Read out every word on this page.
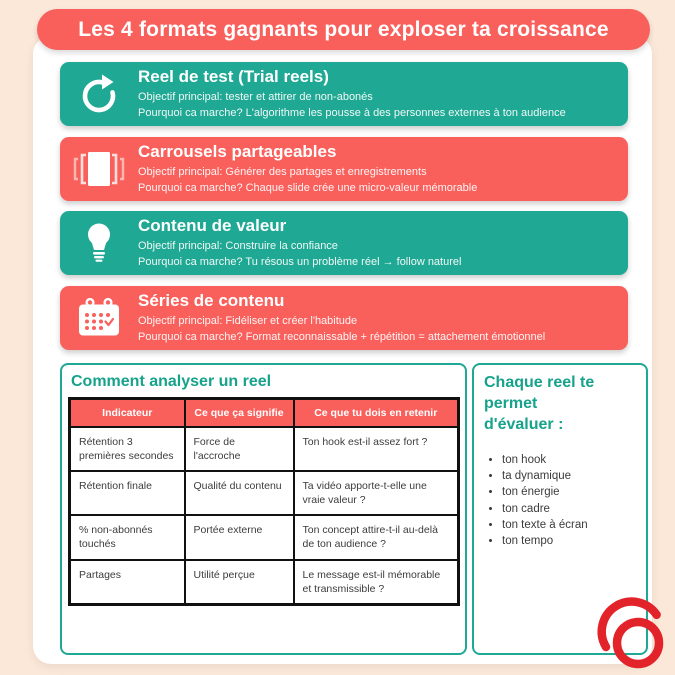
Les 4 formats gagnants pour exploser ta croissance
Reel de test (Trial reels)
Objectif principal: tester et attirer de non-abonés
Pourquoi ca marche? L'algorithme les pousse à des personnes externes à ton audience
Carrousels partageables
Objectif principal: Générer des partages et enregistrements
Pourquoi ca marche? Chaque slide crée une micro-valeur mémorable
Contenu de valeur
Objectif principal: Construire la confiance
Pourquoi ca marche? Tu résous un problème réel → follow naturel
Séries de contenu
Objectif principal: Fidéliser et créer l'habitude
Pourquoi ca marche? Format reconnaissable + répétition = attachement émotionnel
Comment analyser un reel
Indicateur	Ce que ça signifie	Ce que tu dois en retenir
Rétention 3 premières secondes	Force de l'accroche	Ton hook est-il assez fort ?
Rétention finale	Qualité du contenu	Ta vidéo apporte-t-elle une vraie valeur ?
% non-abonnés touchés	Portée externe	Ton concept attire-t-il au-delà de ton audience ?
Partages	Utilité perçue	Le message est-il mémorable et transmissible ?
Chaque reel te permet d'évaluer :
• ton hook
• ta dynamique
• ton énergie
• ton cadre
• ton texte à écran
• ton tempo
